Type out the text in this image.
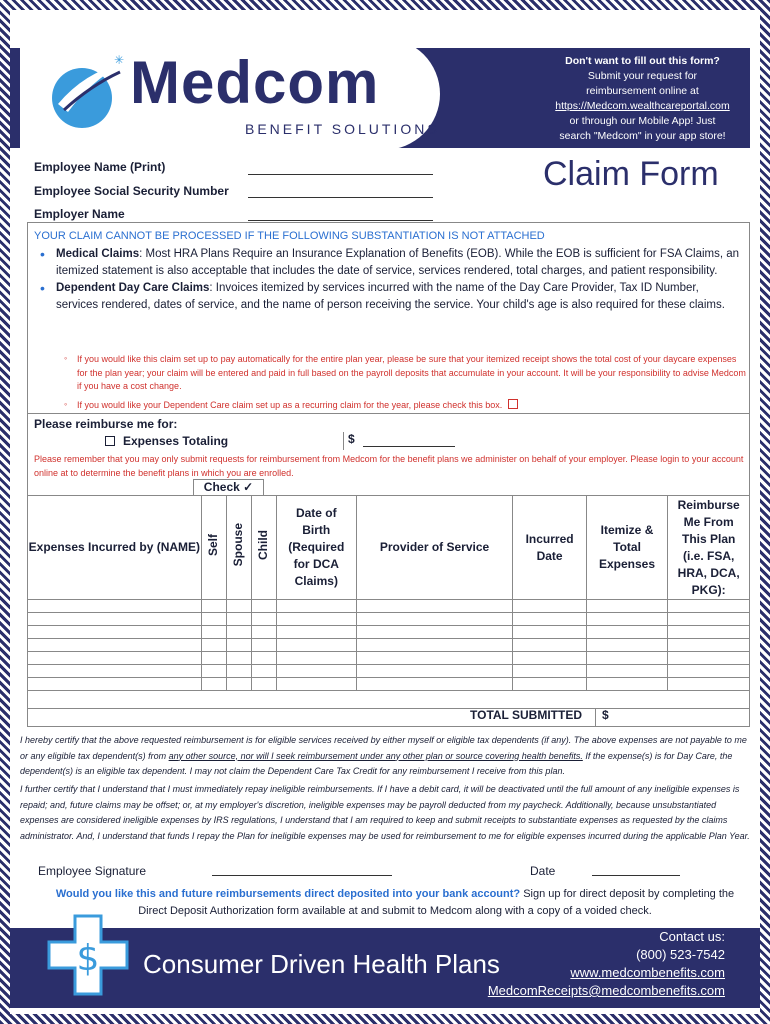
✳ Medcom
BENEFIT SOLUTIONS
Don't want to fill out this form?
Submit your request for
reimbursement online at
https://Medcom.wealthcareportal.com
or through our Mobile App! Just
search "Medcom" in your app store!
Employee Name (Print)
Employee Social Security Number
Employer Name
Claim Form
YOUR CLAIM CANNOT BE PROCESSED IF THE FOLLOWING SUBSTANTIATION IS NOT ATTACHED
• Medical Claims: Most HRA Plans Require an Insurance Explanation of Benefits (EOB). While the EOB is sufficient for FSA Claims, an itemized statement is also acceptable that includes the date of service, services rendered, total charges, and patient responsibility.
• Dependent Day Care Claims: Invoices itemized by services incurred with the name of the Day Care Provider, Tax ID Number, services rendered, dates of service, and the name of person receiving the service. Your child's age is also required for these claims.
◦ If you would like this claim set up to pay automatically for the entire plan year, please be sure that your itemized receipt shows the total cost of your daycare expenses for the plan year; your claim will be entered and paid in full based on the payroll deposits that accumulate in your account. It will be your responsibility to advise Medcom if you have a cost change.
◦ If you would like your Dependent Care claim set up as a recurring claim for the year, please check this box.
Please reimburse me for:
Expenses Totaling	$
Please remember that you may only submit requests for reimbursement from Medcom for the benefit plans we administer on behalf of your employer. Please login to your account online at to determine the benefit plans in which you are enrolled.
Check ✓
Expenses Incurred by (NAME)	Self	Spouse	Child	Date of Birth (Required for DCA Claims)	Provider of Service	Incurred Date	Itemize & Total Expenses	Reimburse Me From This Plan (i.e. FSA, HRA, DCA, PKG):

TOTAL SUBMITTED	$
I hereby certify that the above requested reimbursement is for eligible services received by either myself or eligible tax dependents (if any). The above expenses are not payable to me or any eligible tax dependent(s) from any other source, nor will I seek reimbursement under any other plan or source covering health benefits. If the expense(s) is for Day Care, the dependent(s) is an eligible tax dependent. I may not claim the Dependent Care Tax Credit for any reimbursement I receive from this plan.
I further certify that I understand that I must immediately repay ineligible reimbursements. If I have a debit card, it will be deactivated until the full amount of any ineligible expenses is repaid; and, future claims may be offset; or, at my employer's discretion, ineligible expenses may be payroll deducted from my paycheck. Additionally, because unsubstantiated expenses are considered ineligible expenses by IRS regulations, I understand that I am required to keep and submit receipts to substantiate expenses as requested by the claims administrator. And, I understand that funds I repay the Plan for ineligible expenses may be used for reimbursement to me for eligible expenses incurred during the applicable Plan Year.
Employee Signature	Date
Would you like this and future reimbursements direct deposited into your bank account? Sign up for direct deposit by completing the Direct Deposit Authorization form available at and submit to Medcom along with a copy of a voided check.
$ Consumer Driven Health Plans
Contact us:
(800) 523-7542
www.medcombenefits.com
MedcomReceipts@medcombenefits.com
